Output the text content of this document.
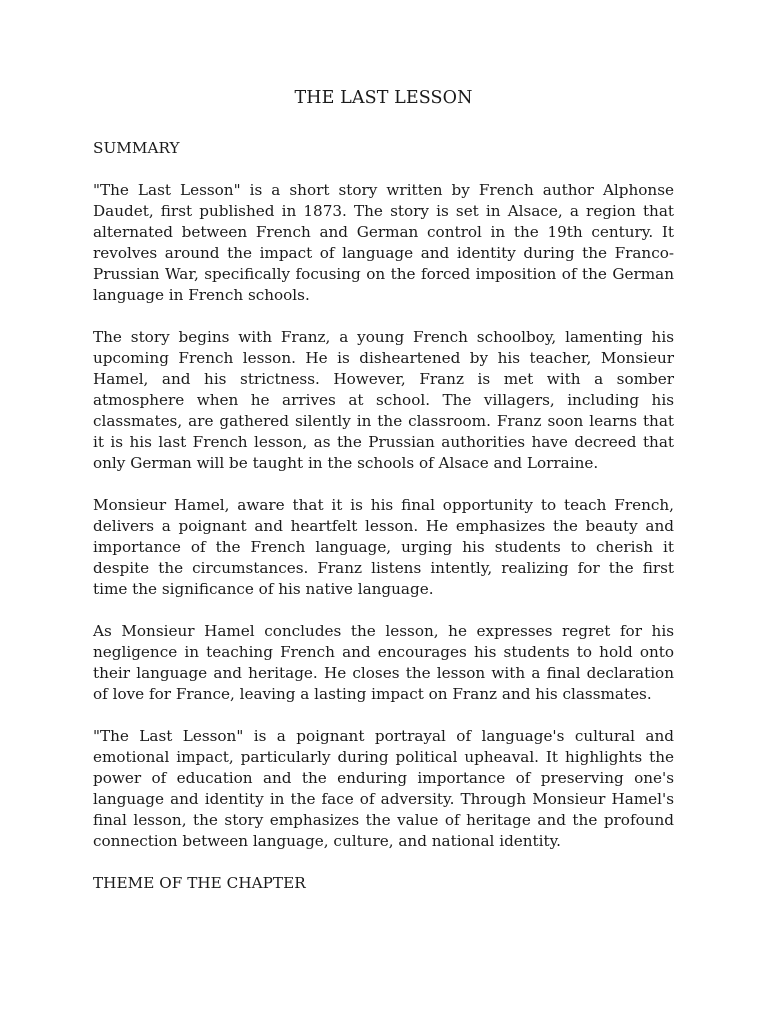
THE LAST LESSON
SUMMARY

"The Last Lesson" is a short story written by French author Alphonse Daudet, first published in 1873. The story is set in Alsace, a region that alternated between French and German control in the 19th century. It revolves around the impact of language and identity during the Franco-Prussian War, specifically focusing on the forced imposition of the German language in French schools.

The story begins with Franz, a young French schoolboy, lamenting his upcoming French lesson. He is disheartened by his teacher, Monsieur Hamel, and his strictness. However, Franz is met with a somber atmosphere when he arrives at school. The villagers, including his classmates, are gathered silently in the classroom. Franz soon learns that it is his last French lesson, as the Prussian authorities have decreed that only German will be taught in the schools of Alsace and Lorraine.

Monsieur Hamel, aware that it is his final opportunity to teach French, delivers a poignant and heartfelt lesson. He emphasizes the beauty and importance of the French language, urging his students to cherish it despite the circumstances. Franz listens intently, realizing for the first time the significance of his native language.

As Monsieur Hamel concludes the lesson, he expresses regret for his negligence in teaching French and encourages his students to hold onto their language and heritage. He closes the lesson with a final declaration of love for France, leaving a lasting impact on Franz and his classmates.

"The Last Lesson" is a poignant portrayal of language's cultural and emotional impact, particularly during political upheaval. It highlights the power of education and the enduring importance of preserving one's language and identity in the face of adversity. Through Monsieur Hamel's final lesson, the story emphasizes the value of heritage and the profound connection between language, culture, and national identity.

THEME OF THE CHAPTER
